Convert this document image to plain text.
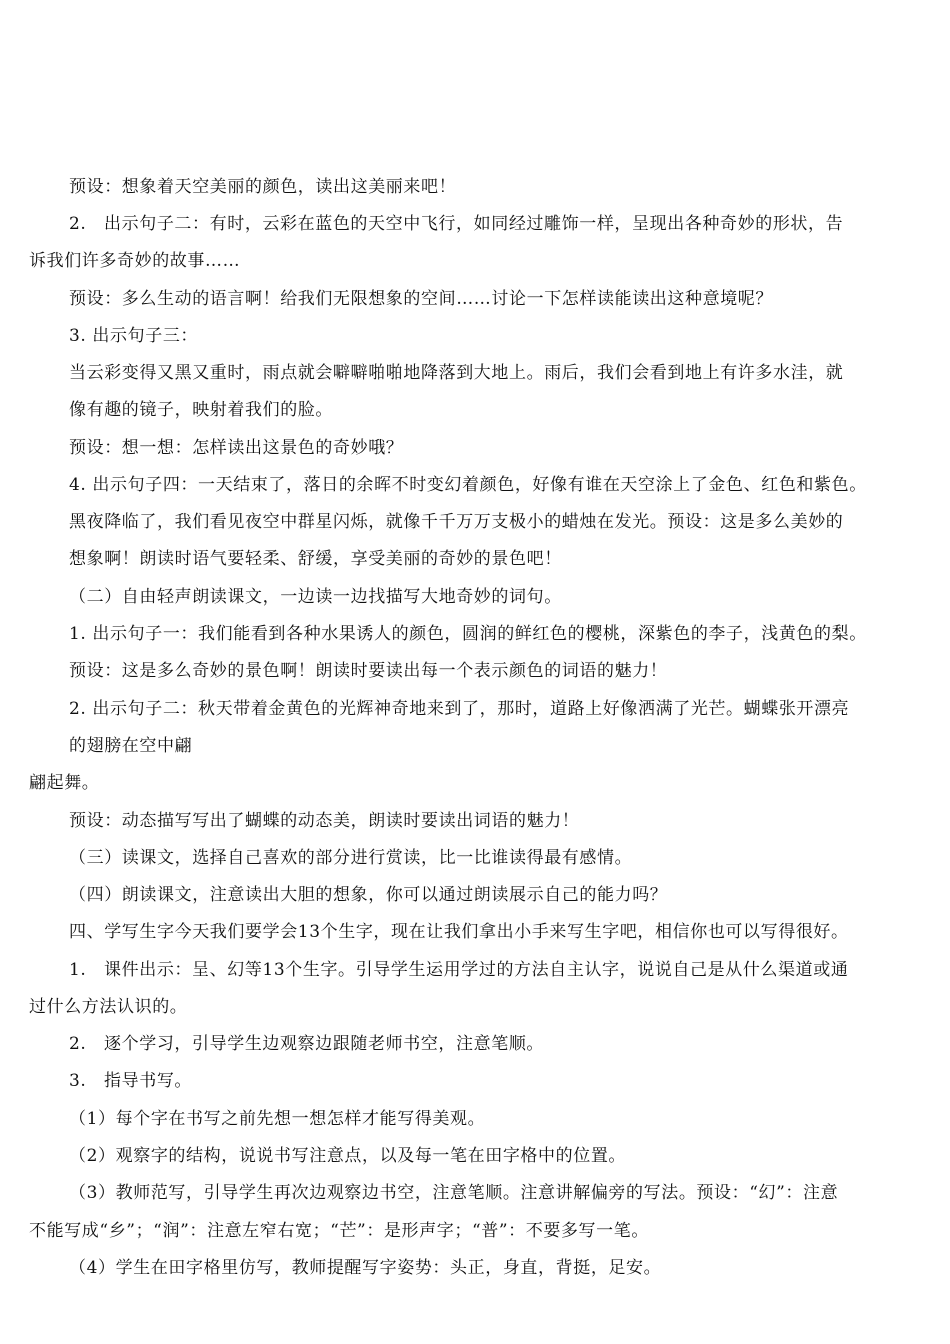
预设：想象着天空美丽的颜色，读出这美丽来吧！
2.　出示句子二：有时，云彩在蓝色的天空中飞行，如同经过雕饰一样，呈现出各种奇妙的形状，告
诉我们许多奇妙的故事……
预设：多么生动的语言啊！给我们无限想象的空间……讨论一下怎样读能读出这种意境呢？
3. 出示句子三：
当云彩变得又黑又重时，雨点就会噼噼啪啪地降落到大地上。雨后，我们会看到地上有许多水洼，就
像有趣的镜子，映射着我们的脸。
预设：想一想：怎样读出这景色的奇妙哦？
4. 出示句子四：一天结束了，落日的余晖不时变幻着颜色，好像有谁在天空涂上了金色、红色和紫色。
黑夜降临了，我们看见夜空中群星闪烁，就像千千万万支极小的蜡烛在发光。预设：这是多么美妙的
想象啊！朗读时语气要轻柔、舒缓，享受美丽的奇妙的景色吧！
（二）自由轻声朗读课文，一边读一边找描写大地奇妙的词句。
1. 出示句子一：我们能看到各种水果诱人的颜色，圆润的鲜红色的樱桃，深紫色的李子，浅黄色的梨。
预设：这是多么奇妙的景色啊！朗读时要读出每一个表示颜色的词语的魅力！
2. 出示句子二：秋天带着金黄色的光辉神奇地来到了，那时，道路上好像洒满了光芒。蝴蝶张开漂亮
的翅膀在空中翩
翩起舞。
预设：动态描写写出了蝴蝶的动态美，朗读时要读出词语的魅力！
（三）读课文，选择自己喜欢的部分进行赏读，比一比谁读得最有感情。
（四）朗读课文，注意读出大胆的想象，你可以通过朗读展示自己的能力吗？
四、学写生字今天我们要学会13个生字，现在让我们拿出小手来写生字吧，相信你也可以写得很好。
1.　课件出示：呈、幻等13个生字。引导学生运用学过的方法自主认字，说说自己是从什么渠道或通
过什么方法认识的。
2.　逐个学习，引导学生边观察边跟随老师书空，注意笔顺。
3.　指导书写。
（1）每个字在书写之前先想一想怎样才能写得美观。
（2）观察字的结构，说说书写注意点，以及每一笔在田字格中的位置。
（3）教师范写，引导学生再次边观察边书空，注意笔顺。注意讲解偏旁的写法。预设：“幻”：注意
不能写成“乡”；“润”：注意左窄右宽；“芒”：是形声字；“普”：不要多写一笔。
（4）学生在田字格里仿写，教师提醒写字姿势：头正，身直，背挺，足安。
